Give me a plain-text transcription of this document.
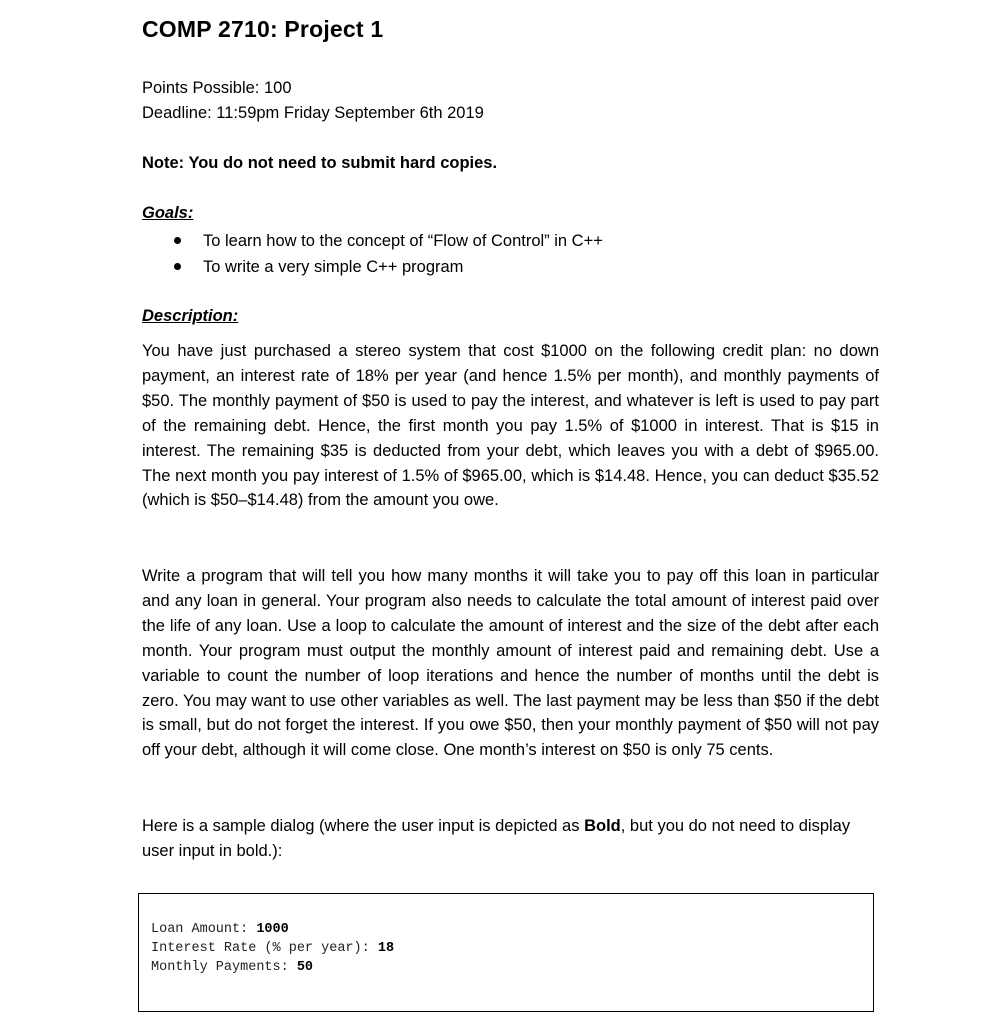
COMP 2710: Project 1

Points Possible: 100

Deadline: 11:59pm Friday September 6th 2019

Note: You do not need to submit hard copies.

Goals:

To learn how to the concept of “Flow of Control” in C++
To write a very simple C++ program

Description:

You have just purchased a stereo system that cost $1000 on the following credit plan: no down payment, an interest rate of 18% per year (and hence 1.5% per month), and monthly payments of $50. The monthly payment of $50 is used to pay the interest, and whatever is left is used to pay part of the remaining debt. Hence, the first month you pay 1.5% of $1000 in interest. That is $15 in interest. The remaining $35 is deducted from your debt, which leaves you with a debt of $965.00. The next month you pay interest of 1.5% of $965.00, which is $14.48. Hence, you can deduct $35.52 (which is $50–$14.48) from the amount you owe.

Write a program that will tell you how many months it will take you to pay off this loan in particular and any loan in general. Your program also needs to calculate the total amount of interest paid over the life of any loan. Use a loop to calculate the amount of interest and the size of the debt after each month. Your program must output the monthly amount of interest paid and remaining debt. Use a variable to count the number of loop iterations and hence the number of months until the debt is zero. You may want to use other variables as well. The last payment may be less than $50 if the debt is small, but do not forget the interest. If you owe $50, then your monthly payment of $50 will not pay off your debt, although it will come close. One month’s interest on $50 is only 75 cents.

Here is a sample dialog (where the user input is depicted as Bold, but you do not need to display user input in bold.):

Loan Amount: 1000
Interest Rate (% per year): 18
Monthly Payments: 50
